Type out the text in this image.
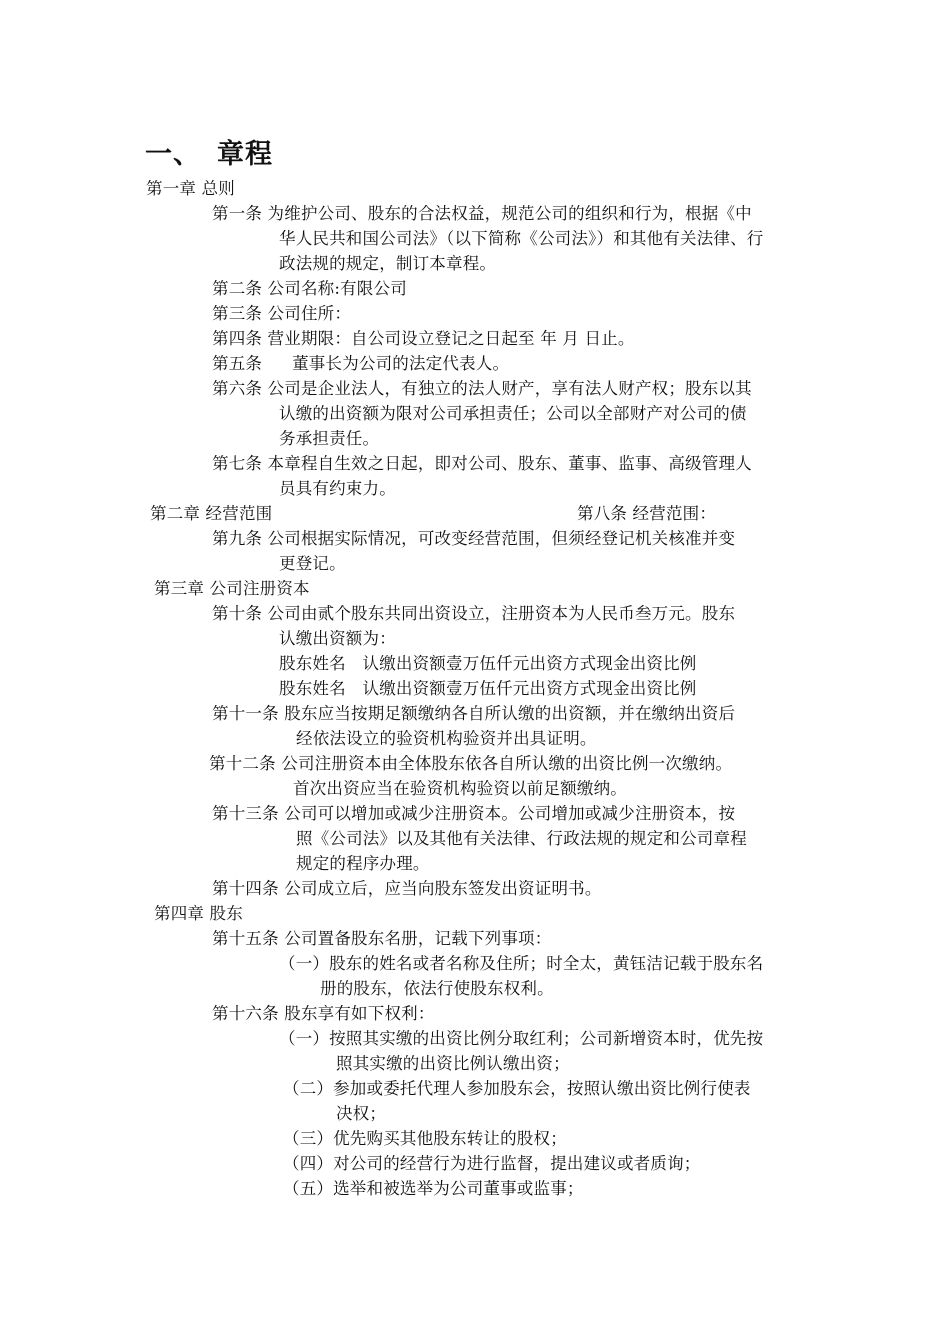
一、 章程
第一章 总则
第一条 为维护公司、股东的合法权益，规范公司的组织和行为，根据《中
华人民共和国公司法》（以下简称《公司法》）和其他有关法律、行
政法规的规定，制订本章程。
第二条 公司名称:有限公司
第三条 公司住所：
第四条 营业期限：自公司设立登记之日起至 年 月 日止。
第五条 董事长为公司的法定代表人。
第六条 公司是企业法人，有独立的法人财产，享有法人财产权；股东以其
认缴的出资额为限对公司承担责任；公司以全部财产对公司的债
务承担责任。
第七条 本章程自生效之日起，即对公司、股东、董事、监事、高级管理人
员具有约束力。
第二章 经营范围	第八条 经营范围：
第九条 公司根据实际情况，可改变经营范围，但须经登记机关核准并变
更登记。
第三章 公司注册资本
第十条 公司由贰个股东共同出资设立，注册资本为人民币叁万元。股东
认缴出资额为：
股东姓名　认缴出资额壹万伍仟元出资方式现金出资比例
股东姓名　认缴出资额壹万伍仟元出资方式现金出资比例
第十一条 股东应当按期足额缴纳各自所认缴的出资额，并在缴纳出资后
经依法设立的验资机构验资并出具证明。
第十二条 公司注册资本由全体股东依各自所认缴的出资比例一次缴纳。
首次出资应当在验资机构验资以前足额缴纳。
第十三条 公司可以增加或减少注册资本。公司增加或减少注册资本，按
照《公司法》以及其他有关法律、行政法规的规定和公司章程
规定的程序办理。
第十四条 公司成立后，应当向股东签发出资证明书。
第四章 股东
第十五条 公司置备股东名册，记载下列事项：
（一）股东的姓名或者名称及住所；时全太，黄钰洁记载于股东名
册的股东，依法行使股东权利。
第十六条 股东享有如下权利：
（一）按照其实缴的出资比例分取红利；公司新增资本时，优先按
照其实缴的出资比例认缴出资；
（二）参加或委托代理人参加股东会，按照认缴出资比例行使表
决权；
（三）优先购买其他股东转让的股权；
（四）对公司的经营行为进行监督，提出建议或者质询；
（五）选举和被选举为公司董事或监事；
